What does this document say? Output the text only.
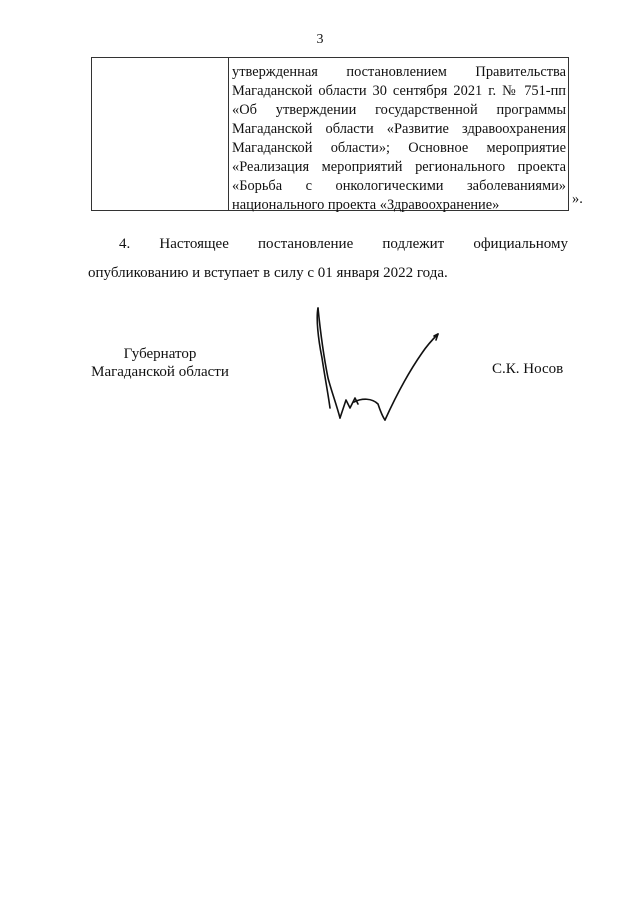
3
утвержденная постановлением Правительства
Магаданской области 30 сентября 2021 г. № 751-пп
«Об утверждении государственной программы
Магаданской области «Развитие здравоохранения
Магаданской области»; Основное мероприятие
«Реализация мероприятий регионального проекта
«Борьба с онкологическими заболеваниями»
национального проекта «Здравоохранение»	».
4. Настоящее постановление подлежит официальному
опубликованию и вступает в силу с 01 января 2022 года.
Губернатор
Магаданской области	С.К. Носов
